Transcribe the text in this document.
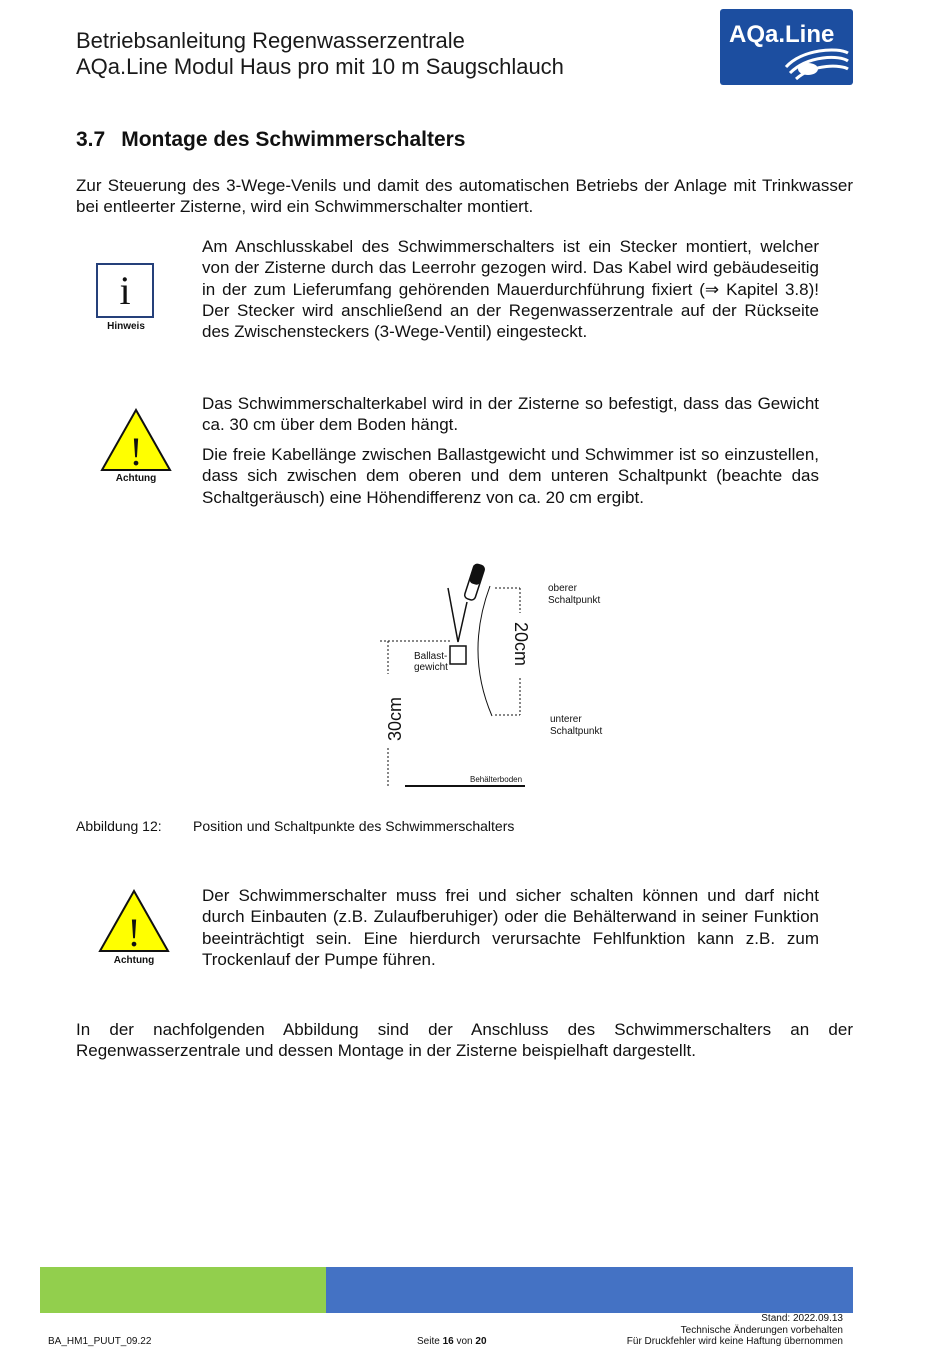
Betriebsanleitung Regenwasserzentrale
AQa.Line Modul Haus pro mit 10 m Saugschlauch
AQa.Line
3.7 Montage des Schwimmerschalters
Zur Steuerung des 3-Wege-Venils und damit des automatischen Betriebs der Anlage mit Trinkwasser bei entleerter Zisterne, wird ein Schwimmerschalter montiert.
i
Hinweis
Am Anschlusskabel des Schwimmerschalters ist ein Stecker montiert, welcher von der Zisterne durch das Leerrohr gezogen wird. Das Kabel wird gebäudeseitig in der zum Lieferumfang gehörenden Mauerdurchführung fixiert (⇒ Kapitel 3.8)! Der Stecker wird anschließend an der Regenwasserzentrale auf der Rückseite des Zwischensteckers (3-Wege-Ventil) eingesteckt.
!
Achtung
Das Schwimmerschalterkabel wird in der Zisterne so befestigt, dass das Gewicht ca. 30 cm über dem Boden hängt.
Die freie Kabellänge zwischen Ballastgewicht und Schwimmer ist so einzustellen, dass sich zwischen dem oberen und dem unteren Schaltpunkt (beachte das Schaltgeräusch) eine Höhendifferenz von ca. 20 cm ergibt.
Behälterboden
30cm
20cm
Ballast-
gewicht
oberer
Schaltpunkt
unterer
Schaltpunkt
Abbildung 12: Position und Schaltpunkte des Schwimmerschalters
!
Achtung
Der Schwimmerschalter muss frei und sicher schalten können und darf nicht durch Einbauten (z.B. Zulaufberuhiger) oder die Behälterwand in seiner Funktion beeinträchtigt sein. Eine hierdurch verursachte Fehlfunktion kann z.B. zum Trockenlauf der Pumpe führen.
In der nachfolgenden Abbildung sind der Anschluss des Schwimmerschalters an der Regenwasserzentrale und dessen Montage in der Zisterne beispielhaft dargestellt.
BA_HM1_PUUT_09.22	Seite 16 von 20
Stand: 2022.09.13
Technische Änderungen vorbehalten
Für Druckfehler wird keine Haftung übernommen
